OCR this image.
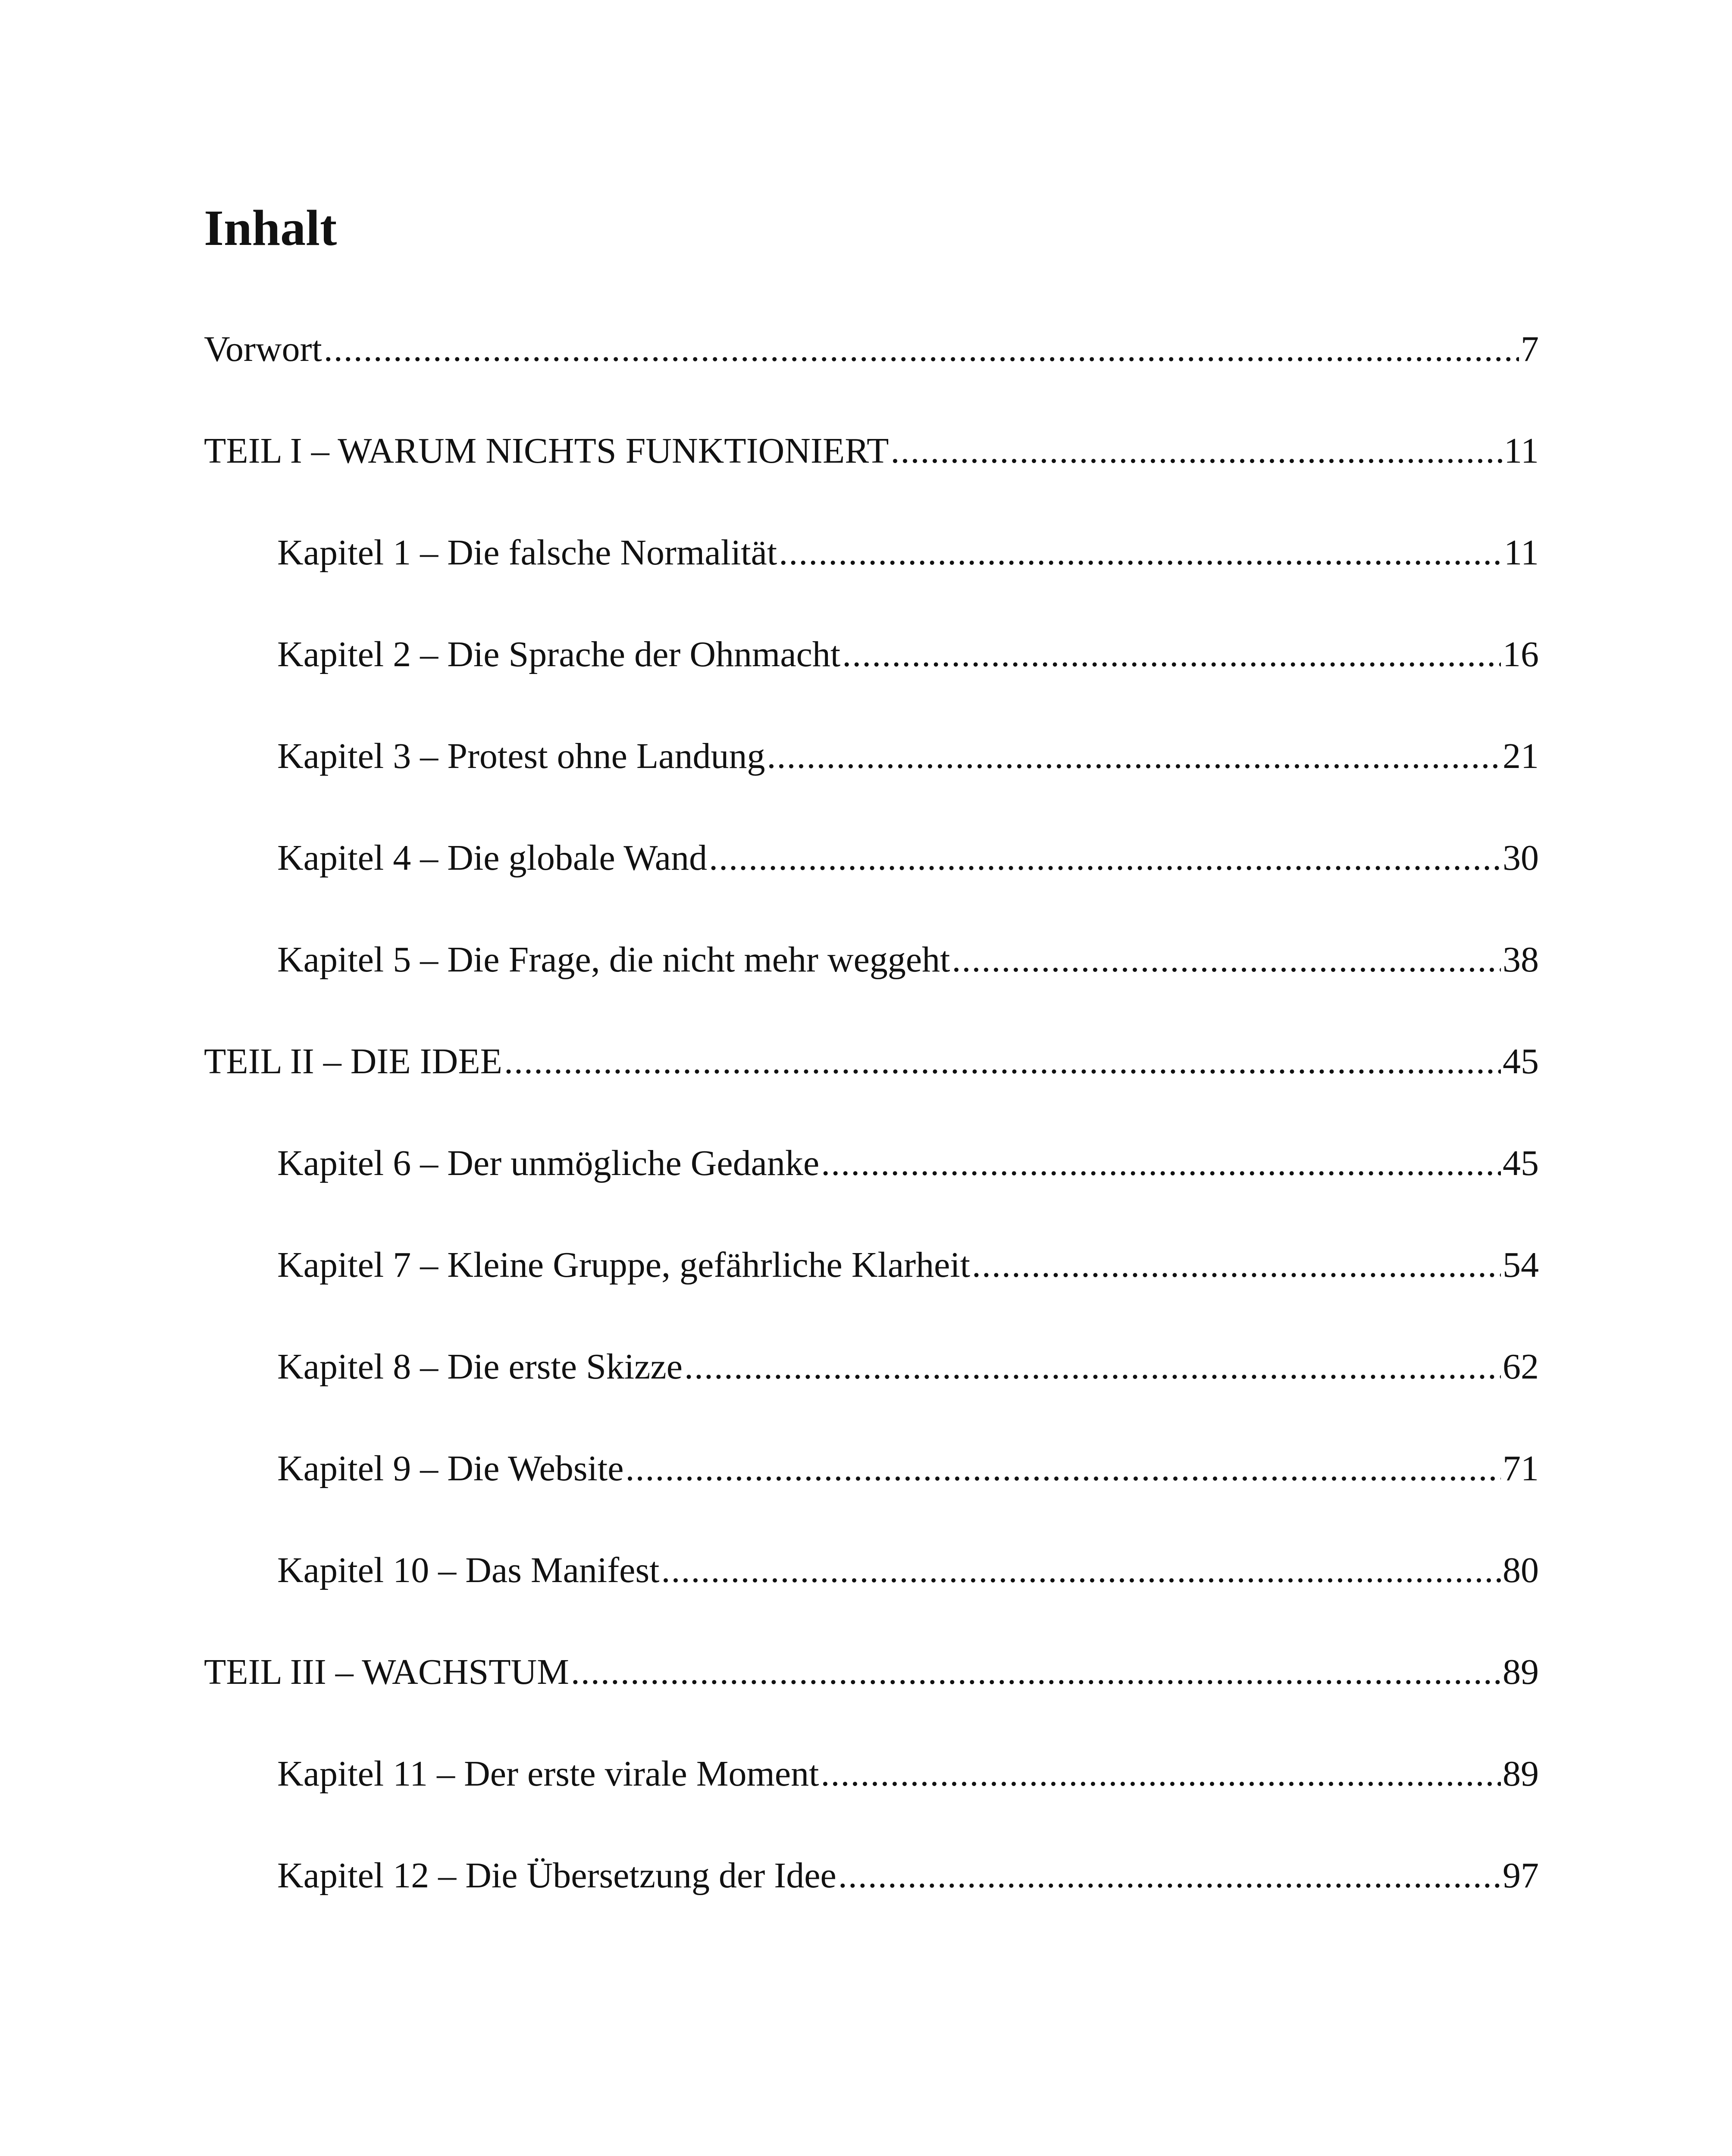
Inhalt
Vorwort .....	7
TEIL I – WARUM NICHTS FUNKTIONIERT .....	11
Kapitel 1 – Die falsche Normalität .....	11
Kapitel 2 – Die Sprache der Ohnmacht .....	16
Kapitel 3 – Protest ohne Landung .....	21
Kapitel 4 – Die globale Wand .....	30
Kapitel 5 – Die Frage, die nicht mehr weggeht .....	38
TEIL II – DIE IDEE .....	45
Kapitel 6 – Der unmögliche Gedanke .....	45
Kapitel 7 – Kleine Gruppe, gefährliche Klarheit .....	54
Kapitel 8 – Die erste Skizze .....	62
Kapitel 9 – Die Website .....	71
Kapitel 10 – Das Manifest .....	80
TEIL III – WACHSTUM .....	89
Kapitel 11 – Der erste virale Moment .....	89
Kapitel 12 – Die Übersetzung der Idee .....	97
